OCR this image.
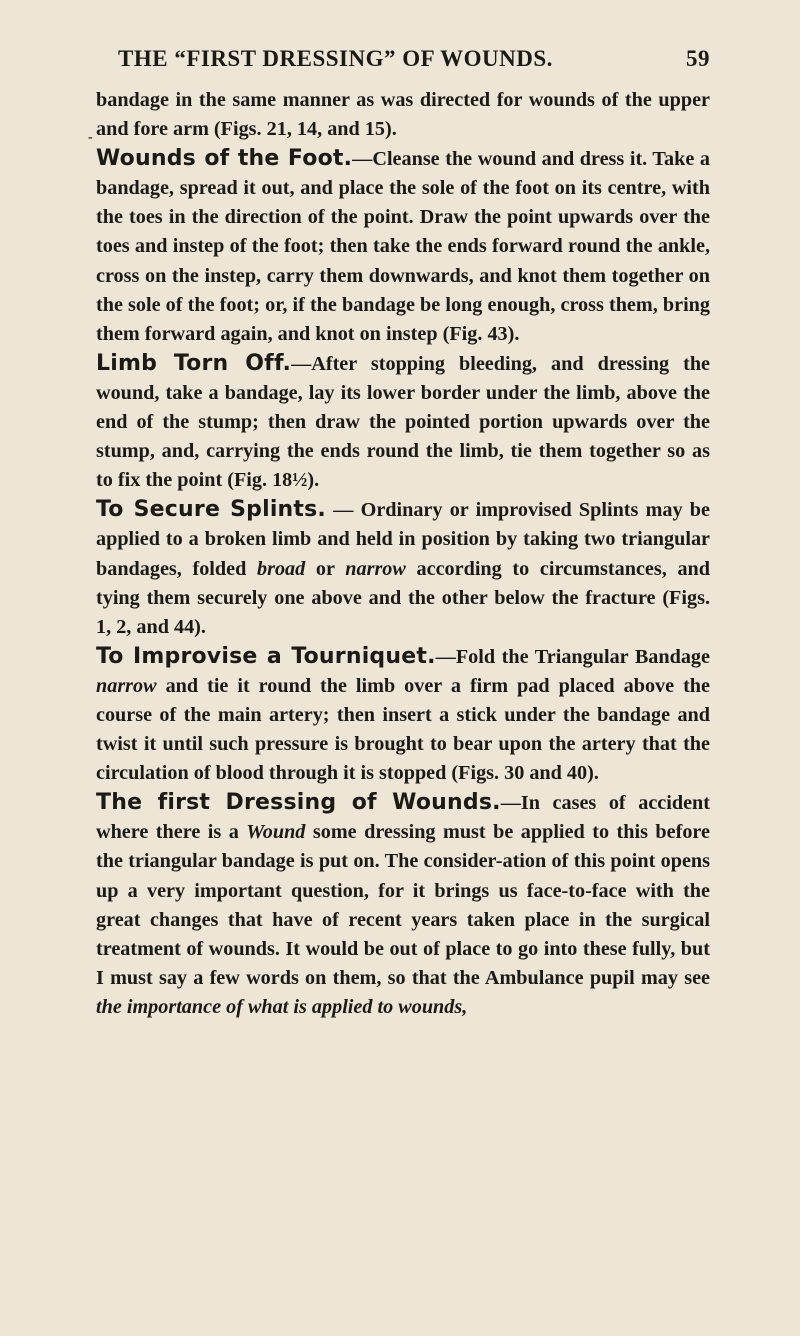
THE “FIRST DRESSING” OF WOUNDS.	59
-

bandage in the same manner as was directed for wounds of the upper and fore arm (Figs. 21, 14, and 15).

Wounds of the Foot.—Cleanse the wound and dress it. Take a bandage, spread it out, and place the sole of the foot on its centre, with the toes in the direction of the point. Draw the point upwards over the toes and instep of the foot; then take the ends forward round the ankle, cross on the instep, carry them downwards, and knot them together on the sole of the foot; or, if the bandage be long enough, cross them, bring them forward again, and knot on instep (Fig. 43).

Limb Torn Off.—After stopping bleeding, and dressing the wound, take a bandage, lay its lower border under the limb, above the end of the stump; then draw the pointed portion upwards over the stump, and, carrying the ends round the limb, tie them together so as to fix the point (Fig. 18½).

To Secure Splints. — Ordinary or improvised Splints may be applied to a broken limb and held in position by taking two triangular bandages, folded broad or narrow according to circumstances, and tying them securely one above and the other below the fracture (Figs. 1, 2, and 44).

To Improvise a Tourniquet.—Fold the Triangular Bandage narrow and tie it round the limb over a firm pad placed above the course of the main artery; then insert a stick under the bandage and twist it until such pressure is brought to bear upon the artery that the circulation of blood through it is stopped (Figs. 30 and 40).

The first Dressing of Wounds.—In cases of accident where there is a Wound some dressing must be applied to this before the triangular bandage is put on. The consider-ation of this point opens up a very important question, for it brings us face-to-face with the great changes that have of recent years taken place in the surgical treatment of wounds. It would be out of place to go into these fully, but I must say a few words on them, so that the Ambulance pupil may see the importance of what is applied to wounds,
